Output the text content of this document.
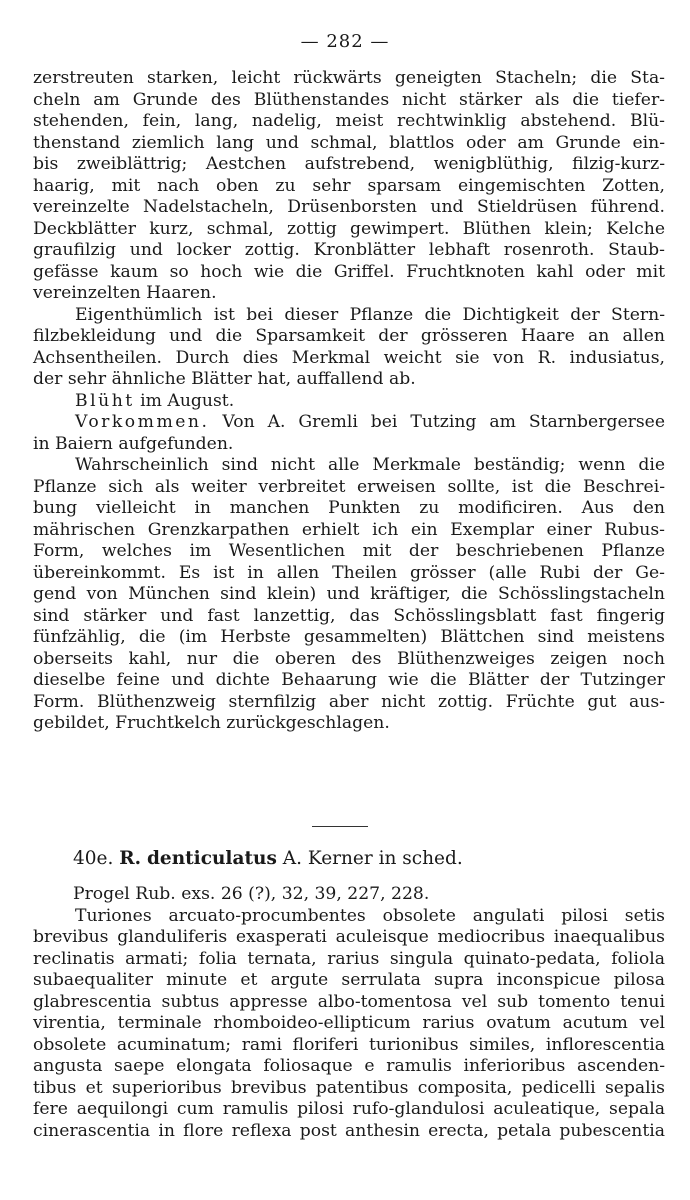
— 282 —
zerstreuten starken, leicht rückwärts geneigten Stacheln; die Sta-
cheln am Grunde des Blüthenstandes nicht stärker als die tiefer-
stehenden, fein, lang, nadelig, meist rechtwinklig abstehend. Blü-
thenstand ziemlich lang und schmal, blattlos oder am Grunde ein-
bis zweiblättrig; Aestchen aufstrebend, wenigblüthig, filzig-kurz-
haarig, mit nach oben zu sehr sparsam eingemischten Zotten,
vereinzelte Nadelstacheln, Drüsenborsten und Stieldrüsen führend.
Deckblätter kurz, schmal, zottig gewimpert. Blüthen klein; Kelche
graufilzig und locker zottig. Kronblätter lebhaft rosenroth. Staub-
gefässe kaum so hoch wie die Griffel. Fruchtknoten kahl oder mit
vereinzelten Haaren.
Eigenthümlich ist bei dieser Pflanze die Dichtigkeit der Stern-
filzbekleidung und die Sparsamkeit der grösseren Haare an allen
Achsentheilen. Durch dies Merkmal weicht sie von R. indusiatus,
der sehr ähnliche Blätter hat, auffallend ab.
Blüht im August.
Vorkommen. Von A. Gremli bei Tutzing am Starnbergersee
in Baiern aufgefunden.
Wahrscheinlich sind nicht alle Merkmale beständig; wenn die
Pflanze sich als weiter verbreitet erweisen sollte, ist die Beschrei-
bung vielleicht in manchen Punkten zu modificiren. Aus den
mährischen Grenzkarpathen erhielt ich ein Exemplar einer Rubus-
Form, welches im Wesentlichen mit der beschriebenen Pflanze
übereinkommt. Es ist in allen Theilen grösser (alle Rubi der Ge-
gend von München sind klein) und kräftiger, die Schösslingstacheln
sind stärker und fast lanzettig, das Schösslingsblatt fast fingerig
fünfzählig, die (im Herbste gesammelten) Blättchen sind meistens
oberseits kahl, nur die oberen des Blüthenzweiges zeigen noch
dieselbe feine und dichte Behaarung wie die Blätter der Tutzinger
Form. Blüthenzweig sternfilzig aber nicht zottig. Früchte gut aus-
gebildet, Fruchtkelch zurückgeschlagen.
40e. R. denticulatus A. Kerner in sched.
Progel Rub. exs. 26 (?), 32, 39, 227, 228.
Turiones arcuato-procumbentes obsolete angulati pilosi setis
brevibus glanduliferis exasperati aculeisque mediocribus inaequalibus
reclinatis armati; folia ternata, rarius singula quinato-pedata, foliola
subaequaliter minute et argute serrulata supra inconspicue pilosa
glabrescentia subtus appresse albo-tomentosa vel sub tomento tenui
virentia, terminale rhomboideo-ellipticum rarius ovatum acutum vel
obsolete acuminatum; rami floriferi turionibus similes, inflorescentia
angusta saepe elongata foliosaque e ramulis inferioribus ascenden-
tibus et superioribus brevibus patentibus composita, pedicelli sepalis
fere aequilongi cum ramulis pilosi rufo-glandulosi aculeatique, sepala
cinerascentia in flore reflexa post anthesin erecta, petala pubescentia
